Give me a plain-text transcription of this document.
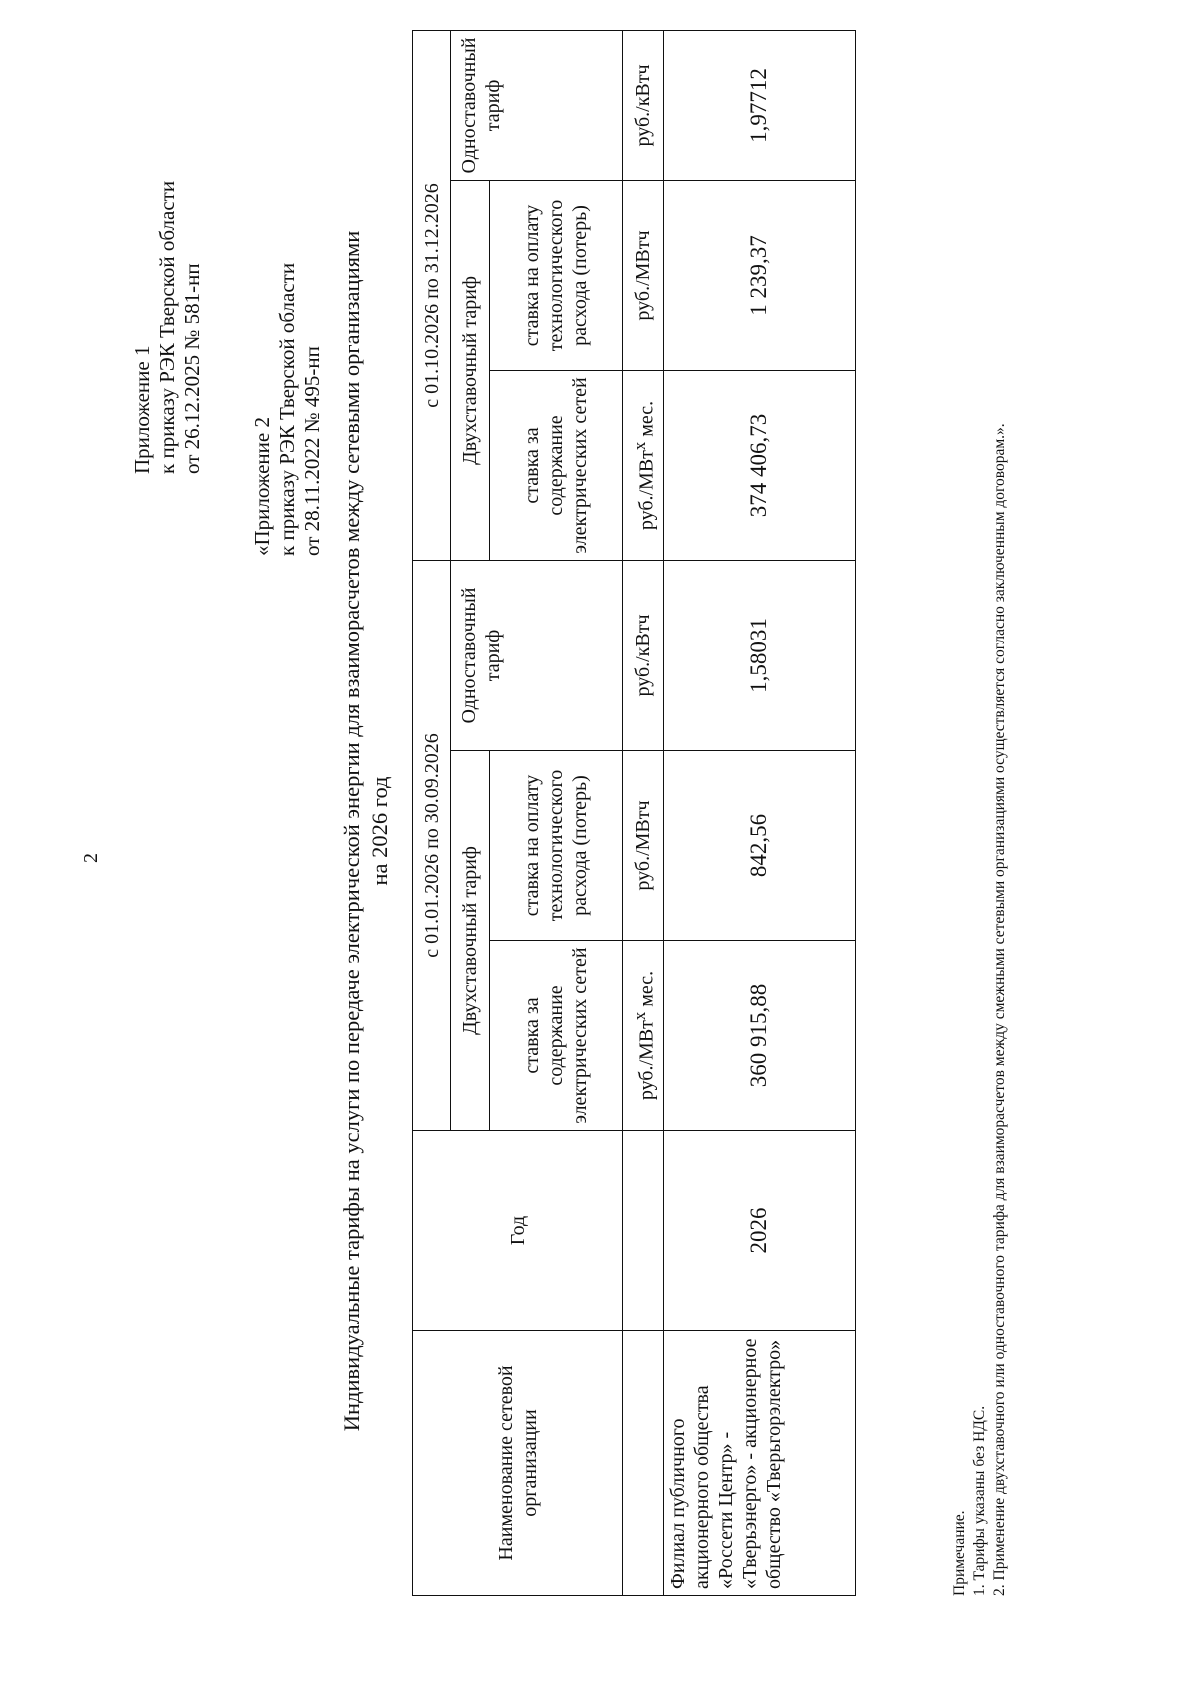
2
Приложение 1 к приказу РЭК Тверской области от 26.12.2025 № 581-нп
«Приложение 2 к приказу РЭК Тверской области от 28.11.2022 № 495-нп Индивидуальные тарифы на услуги по передаче электрической энергии для взаиморасчетов между сетевыми организациями на 2026 год
Наименование сетевой организации	Год	с 01.01.2026 по 30.09.2026			с 01.10.2026 по 31.12.2026		
		Двухставочный тариф		Одноставочный тариф	Двухставочный тариф		Одноставочный тариф
		ставка за содержание электрических сетей	ставка на оплату технологического расхода (потерь)		ставка за содержание электрических сетей	ставка на оплату технологического расхода (потерь)	
		руб./МВт$^х$ мес.	руб./МВтч	руб./кВтч	руб./МВт$^х$ мес.	руб./МВтч	руб./кВтч
Филиал публичного акционерного общества «Россети Центр» - «Тверьэнерго» - акционерное общество «Тверьгорэлектро»	2026	360 915,88	842,56	1,58031	374 406,73	1 239,37	1,97712
Примечание. 1. Тарифы указаны без НДС. 2. Применение двухставочного или одноставочного тарифа для взаиморасчетов между смежными сетевыми организациями осуществляется согласно заключенным договорам.».
